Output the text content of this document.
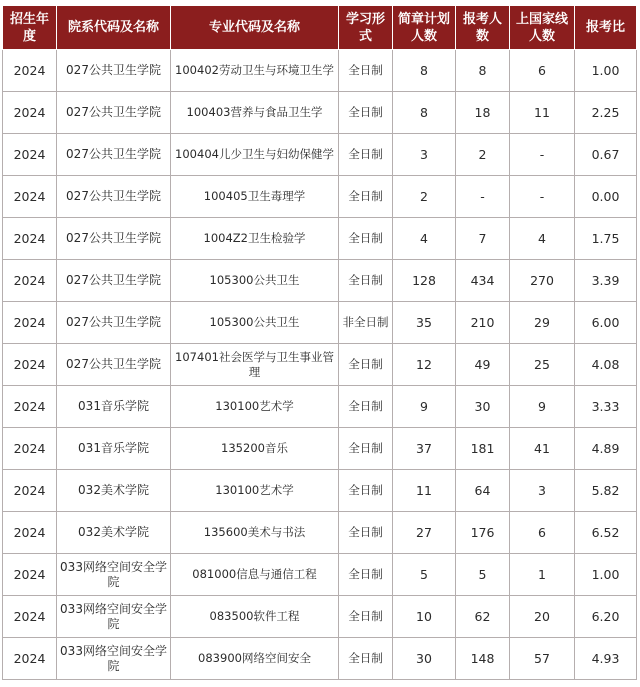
招生年度	院系代码及名称	专业代码及名称	学习形式	简章计划人数	报考人数	上国家线人数	报考比
2024	027公共卫生学院	100402劳动卫生与环境卫生学	全日制	8	8	6	1.00
2024	027公共卫生学院	100403营养与食品卫生学	全日制	8	18	11	2.25
2024	027公共卫生学院	100404儿少卫生与妇幼保健学	全日制	3	2	-	0.67
2024	027公共卫生学院	100405卫生毒理学	全日制	2	-	-	0.00
2024	027公共卫生学院	1004Z2卫生检验学	全日制	4	7	4	1.75
2024	027公共卫生学院	105300公共卫生	全日制	128	434	270	3.39
2024	027公共卫生学院	105300公共卫生	非全日制	35	210	29	6.00
2024	027公共卫生学院	107401社会医学与卫生事业管理	全日制	12	49	25	4.08
2024	031音乐学院	130100艺术学	全日制	9	30	9	3.33
2024	031音乐学院	135200音乐	全日制	37	181	41	4.89
2024	032美术学院	130100艺术学	全日制	11	64	3	5.82
2024	032美术学院	135600美术与书法	全日制	27	176	6	6.52
2024	033网络空间安全学院	081000信息与通信工程	全日制	5	5	1	1.00
2024	033网络空间安全学院	083500软件工程	全日制	10	62	20	6.20
2024	033网络空间安全学院	083900网络空间安全	全日制	30	148	57	4.93
